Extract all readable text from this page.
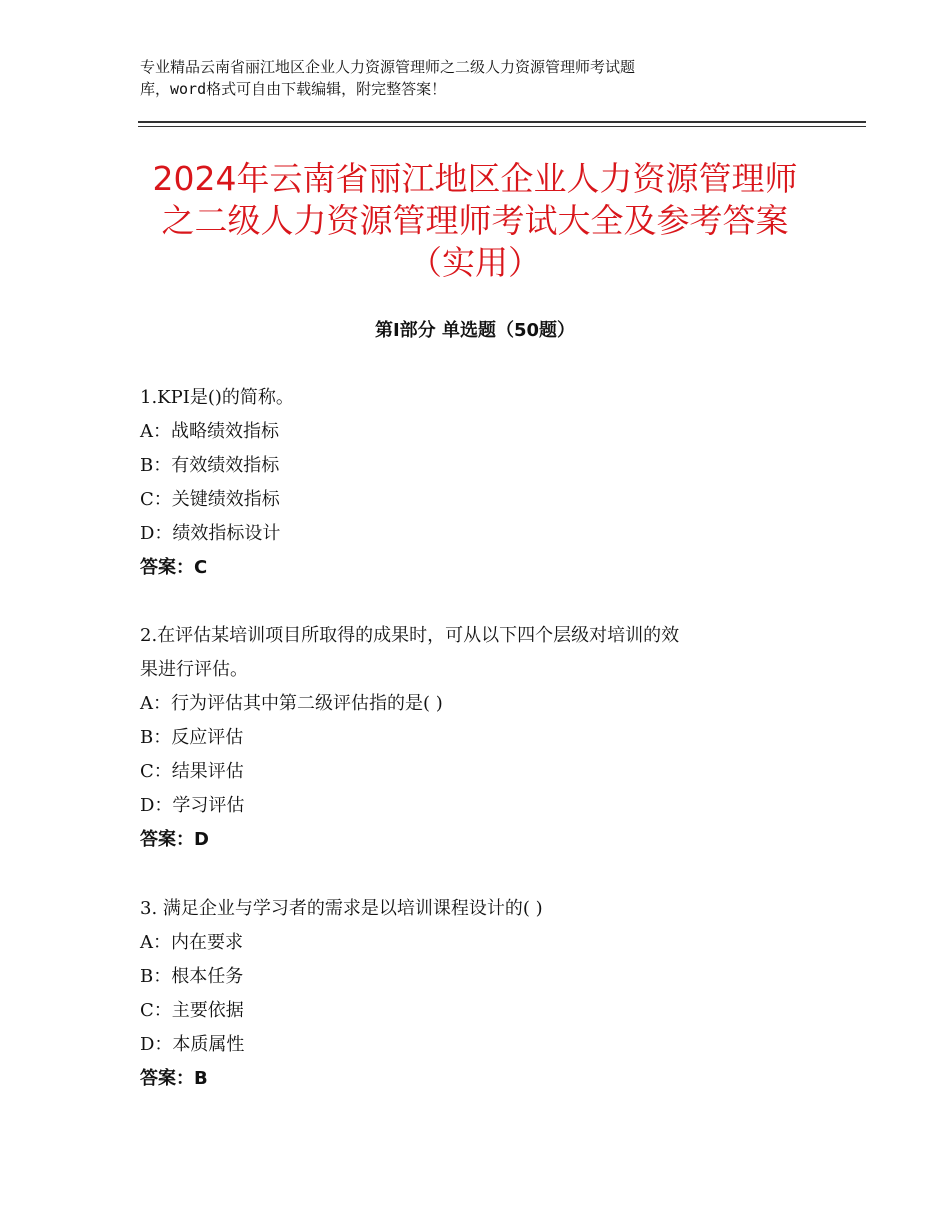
专业精品云南省丽江地区企业人力资源管理师之二级人力资源管理师考试题
库，word格式可自由下载编辑，附完整答案！
2024年云南省丽江地区企业人力资源管理师
之二级人力资源管理师考试大全及参考答案
（实用）
第Ⅰ部分 单选题（50题）
1.KPI是()的简称。
A：战略绩效指标
B：有效绩效指标
C：关键绩效指标
D：绩效指标设计
答案：C
2.在评估某培训项目所取得的成果时，可从以下四个层级对培训的效
果进行评估。
A：行为评估其中第二级评估指的是( )
B：反应评估
C：结果评估
D：学习评估
答案：D
3. 满足企业与学习者的需求是以培训课程设计的( )
A：内在要求
B：根本任务
C：主要依据
D：本质属性
答案：B
